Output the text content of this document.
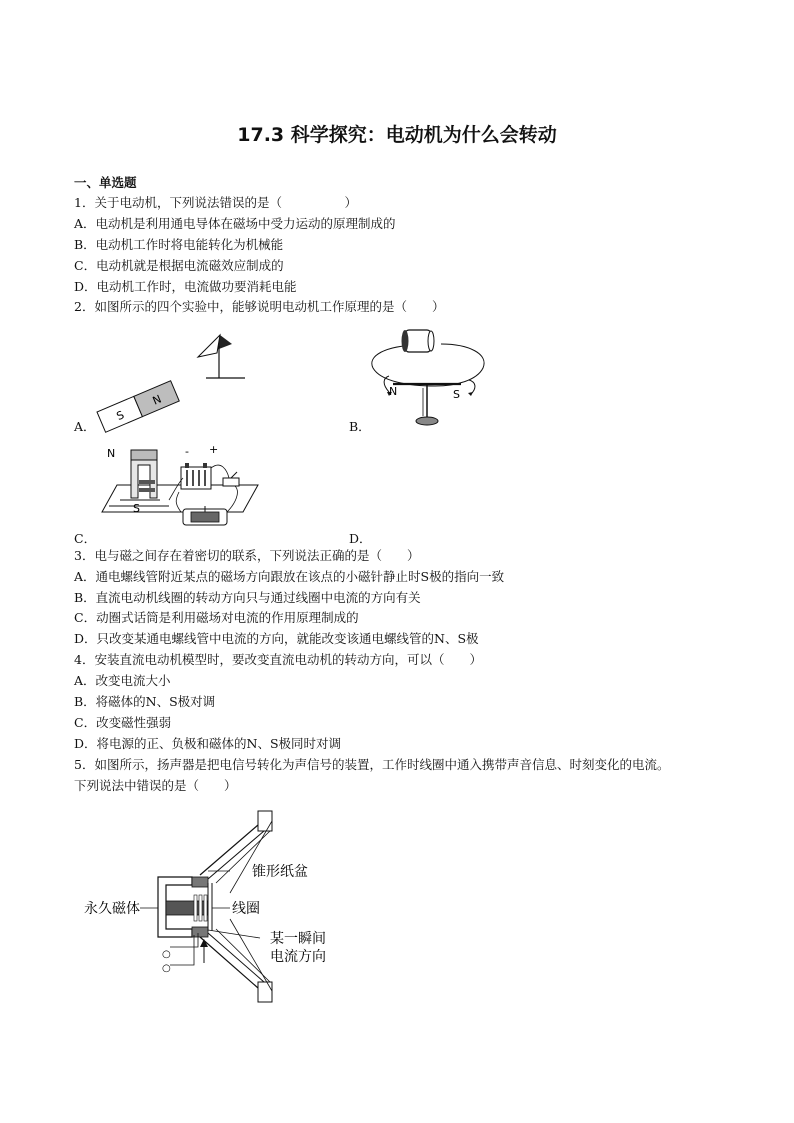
17.3 科学探究：电动机为什么会转动
一、单选题
1．关于电动机，下列说法错误的是（　　　　　）
A．电动机是利用通电导体在磁场中受力运动的原理制成的
B．电动机工作时将电能转化为机械能
C．电动机就是根据电流磁效应制成的
D．电动机工作时，电流做功要消耗电能
2．如图所示的四个实验中，能够说明电动机工作原理的是（　　）
S
N
A．
N	S
B．
N
S
- +
C．	D．
3．电与磁之间存在着密切的联系，下列说法正确的是（　　）
A．通电螺线管附近某点的磁场方向跟放在该点的小磁针静止时S极的指向一致
B．直流电动机线圈的转动方向只与通过线圈中电流的方向有关
C．动圈式话筒是利用磁场对电流的作用原理制成的
D．只改变某通电螺线管中电流的方向，就能改变该通电螺线管的N、S极
4．安装直流电动机模型时，要改变直流电动机的转动方向，可以（　　）
A．改变电流大小
B．将磁体的N、S极对调
C．改变磁性强弱
D．将电源的正、负极和磁体的N、S极同时对调
5．如图所示，扬声器是把电信号转化为声信号的装置，工作时线圈中通入携带声音信息、时刻变化的电流。
下列说法中错误的是（　　）
○
○
锥形纸盆
永久磁体	线圈
某一瞬间
电流方向
